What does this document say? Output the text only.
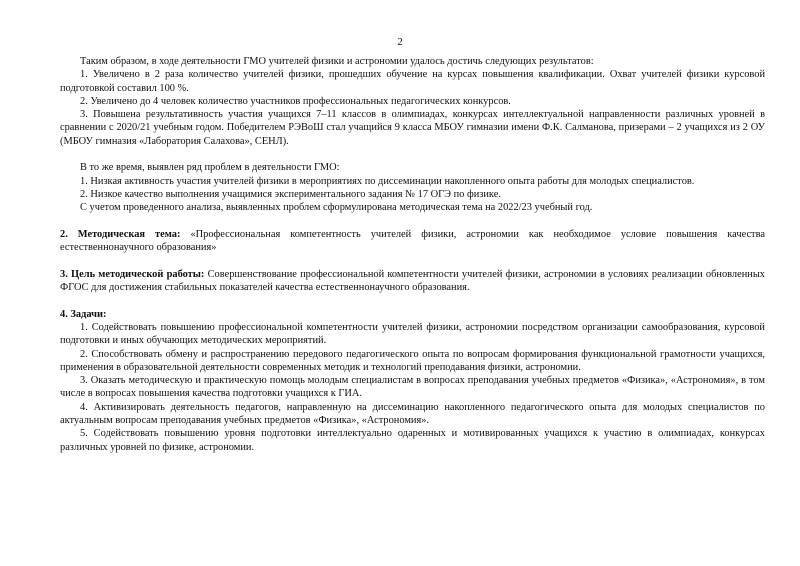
2

Таким образом, в ходе деятельности ГМО учителей физики и астрономии удалось достичь следующих результатов:

1. Увеличено в 2 раза количество учителей физики, прошедших обучение на курсах повышения квалификации. Охват учителей физики курсовой подготовкой составил 100 %.

2. Увеличено до 4 человек количество участников профессиональных педагогических конкурсов.

3. Повышена результативность участия учащихся 7–11 классов в олимпиадах, конкурсах интеллектуальной направленности различных уровней в сравнении с 2020/21 учебным годом. Победителем РЭВоШ стал учащийся 9 класса МБОУ гимназии имени Ф.К. Салманова, призерами – 2 учащихся из 2 ОУ (МБОУ гимназия «Лаборатория Салахова», СЕНЛ).

В то же время, выявлен ряд проблем в деятельности ГМО:

1. Низкая активность участия учителей физики в мероприятиях по диссеминации накопленного опыта работы для молодых специалистов.

2. Низкое качество выполнения учащимися экспериментального задания № 17 ОГЭ по физике.

С учетом проведенного анализа, выявленных проблем сформулирована методическая тема на 2022/23 учебный год.

2. Методическая тема: «Профессиональная компетентность учителей физики, астрономии как необходимое условие повышения качества естественнонаучного образования»

3. Цель методической работы: Совершенствование профессиональной компетентности учителей физики, астрономии в условиях реализации обновленных ФГОС для достижения стабильных показателей качества естественнонаучного образования.

4. Задачи:

1. Содействовать повышению профессиональной компетентности учителей физики, астрономии посредством организации самообразования, курсовой подготовки и иных обучающих методических мероприятий.

2. Способствовать обмену и распространению передового педагогического опыта по вопросам формирования функциональной грамотности учащихся, применения в образовательной деятельности современных методик и технологий преподавания физики, астрономии.

3. Оказать методическую и практическую помощь молодым специалистам в вопросах преподавания учебных предметов «Физика», «Астрономия», в том числе в вопросах повышения качества подготовки учащихся к ГИА.

4. Активизировать деятельность педагогов, направленную на диссеминацию накопленного педагогического опыта для молодых специалистов по актуальным вопросам преподавания учебных предметов «Физика», «Астрономия».

5. Содействовать повышению уровня подготовки интеллектуально одаренных и мотивированных учащихся к участию в олимпиадах, конкурсах различных уровней по физике, астрономии.
